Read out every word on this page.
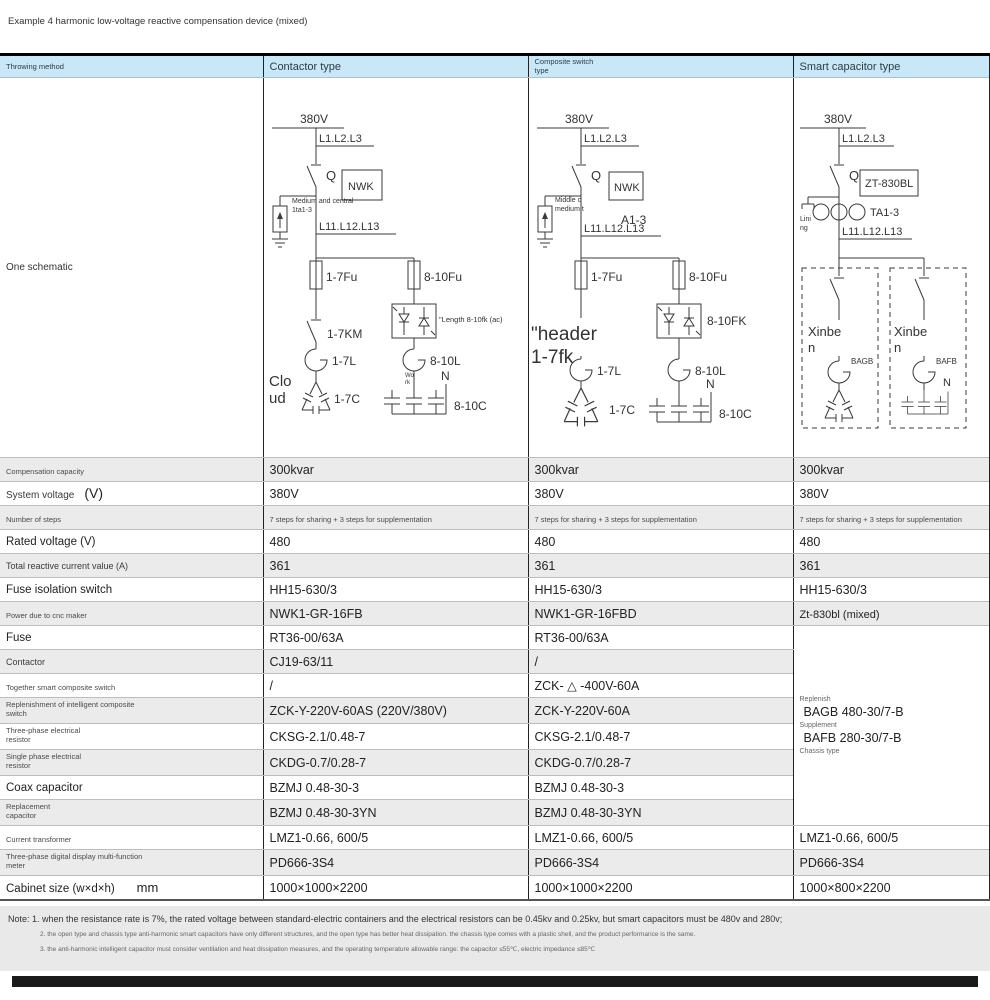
Example 4 harmonic low-voltage reactive compensation device (mixed)
Throwing method	Contactor type	Composite switch type	Smart capacitor type
One schematic	
380V
L1.L2.L3
Q
NWK
Medium and central
1ta1-3
L11.L12.L13
1-7Fu	8-10Fu
1-7KM
"Length 8-10fk (ac)
1-7L	8-10L
Clo
ud	1-7C
Wo
rk	N
8-10C

380V
L1.L2.L3
Q
NWK
Middle o
medium t
A1-3
L11.L12.L13
1-7Fu	8-10Fu
"header
1-7fk
8-10FK
1-7L	8-10L
1-7C
N
8-10C

380V
L1.L2.L3
Q
ZT-830BL
Lini
ng
TA1-3
L11.L12.L13
Xinbe
n
BAGB
Xinbe
n
BAFB
N

Compensation capacity	300kvar	300kvar	300kvar
System voltage (V)	380V	380V	380V
Number of steps	7 steps for sharing + 3 steps for supplementation	7 steps for sharing + 3 steps for supplementation	7 steps for sharing + 3 steps for supplementation
Rated voltage (V)	480	480	480
Total reactive current value (A)	361	361	361
Fuse isolation switch	HH15-630/3	HH15-630/3	HH15-630/3
Power due to cnc maker	NWK1-GR-16FB	NWK1-GR-16FBD	Zt-830bl (mixed)
Fuse	RT36-00/63A	RT36-00/63A	Replenish
BAGB 480-30/7-B
Supplement
BAFB 280-30/7-B
Chassis type

Contactor	CJ19-63/11	/	
Together smart composite switch	/	ZCK- △ -400V-60A	
Replenishment of intelligent composite switch	ZCK-Y-220V-60AS (220V/380V)	ZCK-Y-220V-60A	
Three-phase electrical resistor	CKSG-2.1/0.48-7	CKSG-2.1/0.48-7	
Single phase electrical resistor	CKDG-0.7/0.28-7	CKDG-0.7/0.28-7	
Coax capacitor	BZMJ 0.48-30-3	BZMJ 0.48-30-3	
Replacement capacitor	BZMJ 0.48-30-3YN	BZMJ 0.48-30-3YN	
Current transformer	LMZ1-0.66, 600/5	LMZ1-0.66, 600/5	LMZ1-0.66, 600/5
Three-phase digital display multi-function meter	PD666-3S4	PD666-3S4	PD666-3S4
Cabinet size (w×d×h) mm	1000×1000×2200	1000×1000×2200	1000×800×2200
Note: 1. when the resistance rate is 7%, the rated voltage between standard-electric containers and the electrical resistors can be 0.45kv and 0.25kv, but smart capacitors must be 480v and 280v;
2. the open type and chassis type anti-harmonic smart capacitors have only different structures, and the open type has better heat dissipation. the chassis type comes with a plastic shell, and the product performance is the same.
3. the anti-harmonic intelligent capacitor must consider ventilation and heat dissipation measures, and the operating temperature allowable range: the capacitor ≤55℃, electric impedance ≤85℃
